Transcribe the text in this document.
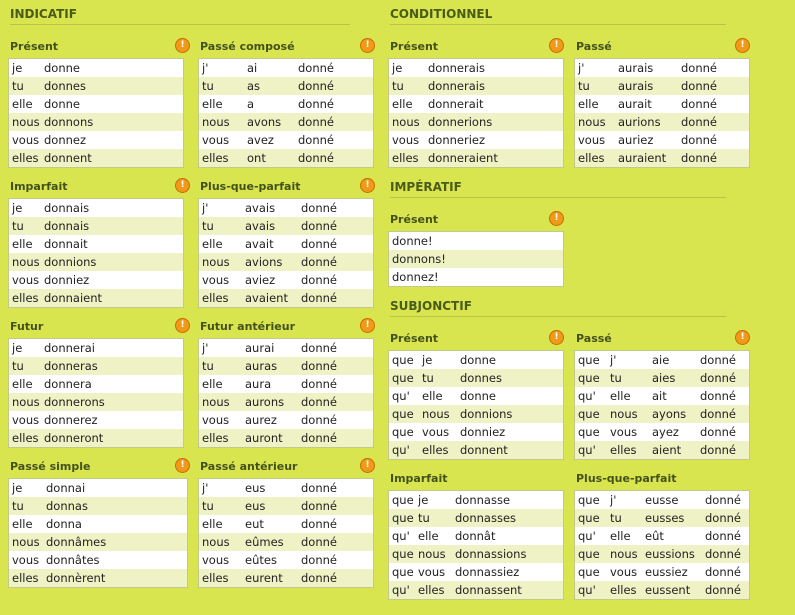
INDICATIF	CONDITIONNEL
IMPÉRATIF
SUBJONCTIF
Présent	!
je donne
tu donnes
elle donne
nous donnons
vous donnez
elles donnent
Passé composé	!
j'	ai	donné
tu	as	donné
elle a	donné
nous avons donné
vous avez donné
elles ont	donné
Imparfait	!
je donnais
tu donnais
elle donnait
nous donnions
vous donniez
elles donnaient
Plus-que-parfait	!
j'	avais donné
tu	avais donné
elle avait donné
nous avions donné
vous aviez donné
elles avaient donné
Futur	!
je donnerai
tu donneras
elle donnera
nous donnerons
vous donnerez
elles donneront
Futur antérieur	!
j'	aurai donné
tu	auras donné
elle aura	donné
nous aurons donné
vous aurez donné
elles auront donné
Passé simple	!
je donnai
tu donnas
elle donna
nous donnâmes
vous donnâtes
elles donnèrent
Passé antérieur	!
j'	eus	donné
tu	eus	donné
elle eut	donné
nous eûmes donné
vous eûtes donné
elles eurent donné
Présent	!
je donnerais
tu donnerais
elle donnerait
nous donnerions
vous donneriez
elles donneraient
Passé	!
j'	aurais donné
tu aurais donné
elle aurait	donné
nous aurions donné
vous auriez donné
elles auraient donné
Présent	!
donne!
donnons!
donnez!
Présent	!
que je donne
que tu donnes
qu' elle donne
que nous donnions
que vous donniez
qu' elles donnent
Passé	!
que j'	aie	donné
que tu	aies donné
qu' elle ait	donné
que nous ayons donné
que vous ayez donné
qu' elles aient donné
Imparfait
que je donnasse
que tu donnasses
qu' elle donnât
que nous donnassions
que vous donnassiez
qu' elles donnassent
Plus-que-parfait
que j' eusse donné
que tu eusses donné
qu' elle eût	donné
que nous eussions donné
que vous eussiez donné
qu' elles eussent donné
